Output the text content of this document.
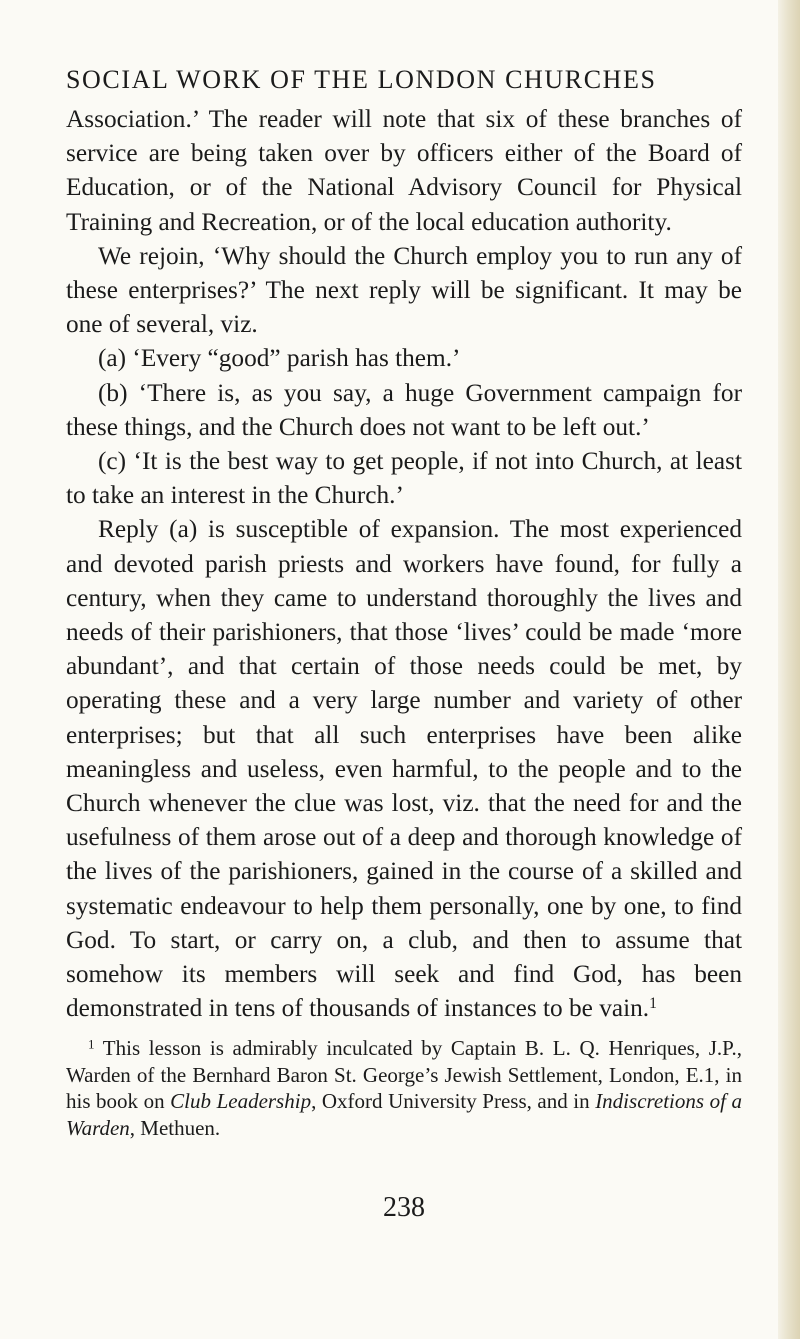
SOCIAL WORK OF THE LONDON CHURCHES

Association.’ The reader will note that six of these branches of service are being taken over by officers either of the Board of Education, or of the National Advisory Council for Physical Training and Recreation, or of the local education authority.

We rejoin, ‘Why should the Church employ you to run any of these enterprises?’ The next reply will be significant. It may be one of several, viz.

(a) ‘Every “good” parish has them.’

(b) ‘There is, as you say, a huge Government campaign for these things, and the Church does not want to be left out.’

(c) ‘It is the best way to get people, if not into Church, at least to take an interest in the Church.’

Reply (a) is susceptible of expansion. The most experienced and devoted parish priests and workers have found, for fully a century, when they came to understand thoroughly the lives and needs of their parishioners, that those ‘lives’ could be made ‘more abundant’, and that certain of those needs could be met, by operating these and a very large number and variety of other enterprises; but that all such enterprises have been alike meaningless and useless, even harmful, to the people and to the Church whenever the clue was lost, viz. that the need for and the usefulness of them arose out of a deep and thorough knowledge of the lives of the parishioners, gained in the course of a skilled and systematic endeavour to help them personally, one by one, to find God. To start, or carry on, a club, and then to assume that somehow its members will seek and find God, has been demonstrated in tens of thousands of instances to be vain.$^1$

$^1$ This lesson is admirably inculcated by Captain B. L. Q. Henriques, J.P., Warden of the Bernhard Baron St. George’s Jewish Settlement, London, E.1, in his book on Club Leadership, Oxford University Press, and in Indiscretions of a Warden, Methuen.

238
